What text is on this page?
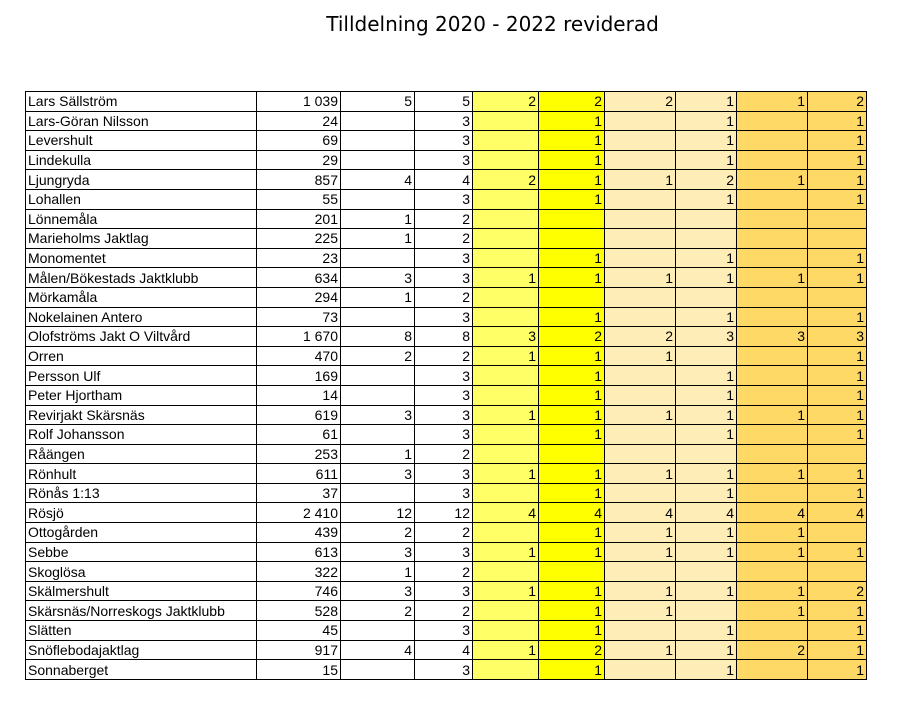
Tilldelning 2020 - 2022 reviderad
Lars Sällström	1 039	5	5	2	2	2	1	1	2
Lars-Göran Nilsson	24		3		1		1		1
Levershult	69		3		1		1		1
Lindekulla	29		3		1		1		1
Ljungryda	857	4	4	2	1	1	2	1	1
Lohallen	55		3		1		1		1
Lönnemåla	201	1	2						
Marieholms Jaktlag	225	1	2						
Monomentet	23		3		1		1		1
Målen/Bökestads Jaktklubb	634	3	3	1	1	1	1	1	1
Mörkamåla	294	1	2						
Nokelainen Antero	73		3		1		1		1
Olofströms Jakt O Viltvård	1 670	8	8	3	2	2	3	3	3
Orren	470	2	2	1	1	1			1
Persson Ulf	169		3		1		1		1
Peter Hjortham	14		3		1		1		1
Revirjakt Skärsnäs	619	3	3	1	1	1	1	1	1
Rolf Johansson	61		3		1		1		1
Råängen	253	1	2						
Rönhult	611	3	3	1	1	1	1	1	1
Rönås 1:13	37		3		1		1		1
Rösjö	2 410	12	12	4	4	4	4	4	4
Ottogården	439	2	2		1	1	1	1	
Sebbe	613	3	3	1	1	1	1	1	1
Skoglösa	322	1	2						
Skälmershult	746	3	3	1	1	1	1	1	2
Skärsnäs/Norreskogs Jaktklubb	528	2	2		1	1		1	1
Slätten	45		3		1		1		1
Snöflebodajaktlag	917	4	4	1	2	1	1	2	1
Sonnaberget	15		3		1		1		1
